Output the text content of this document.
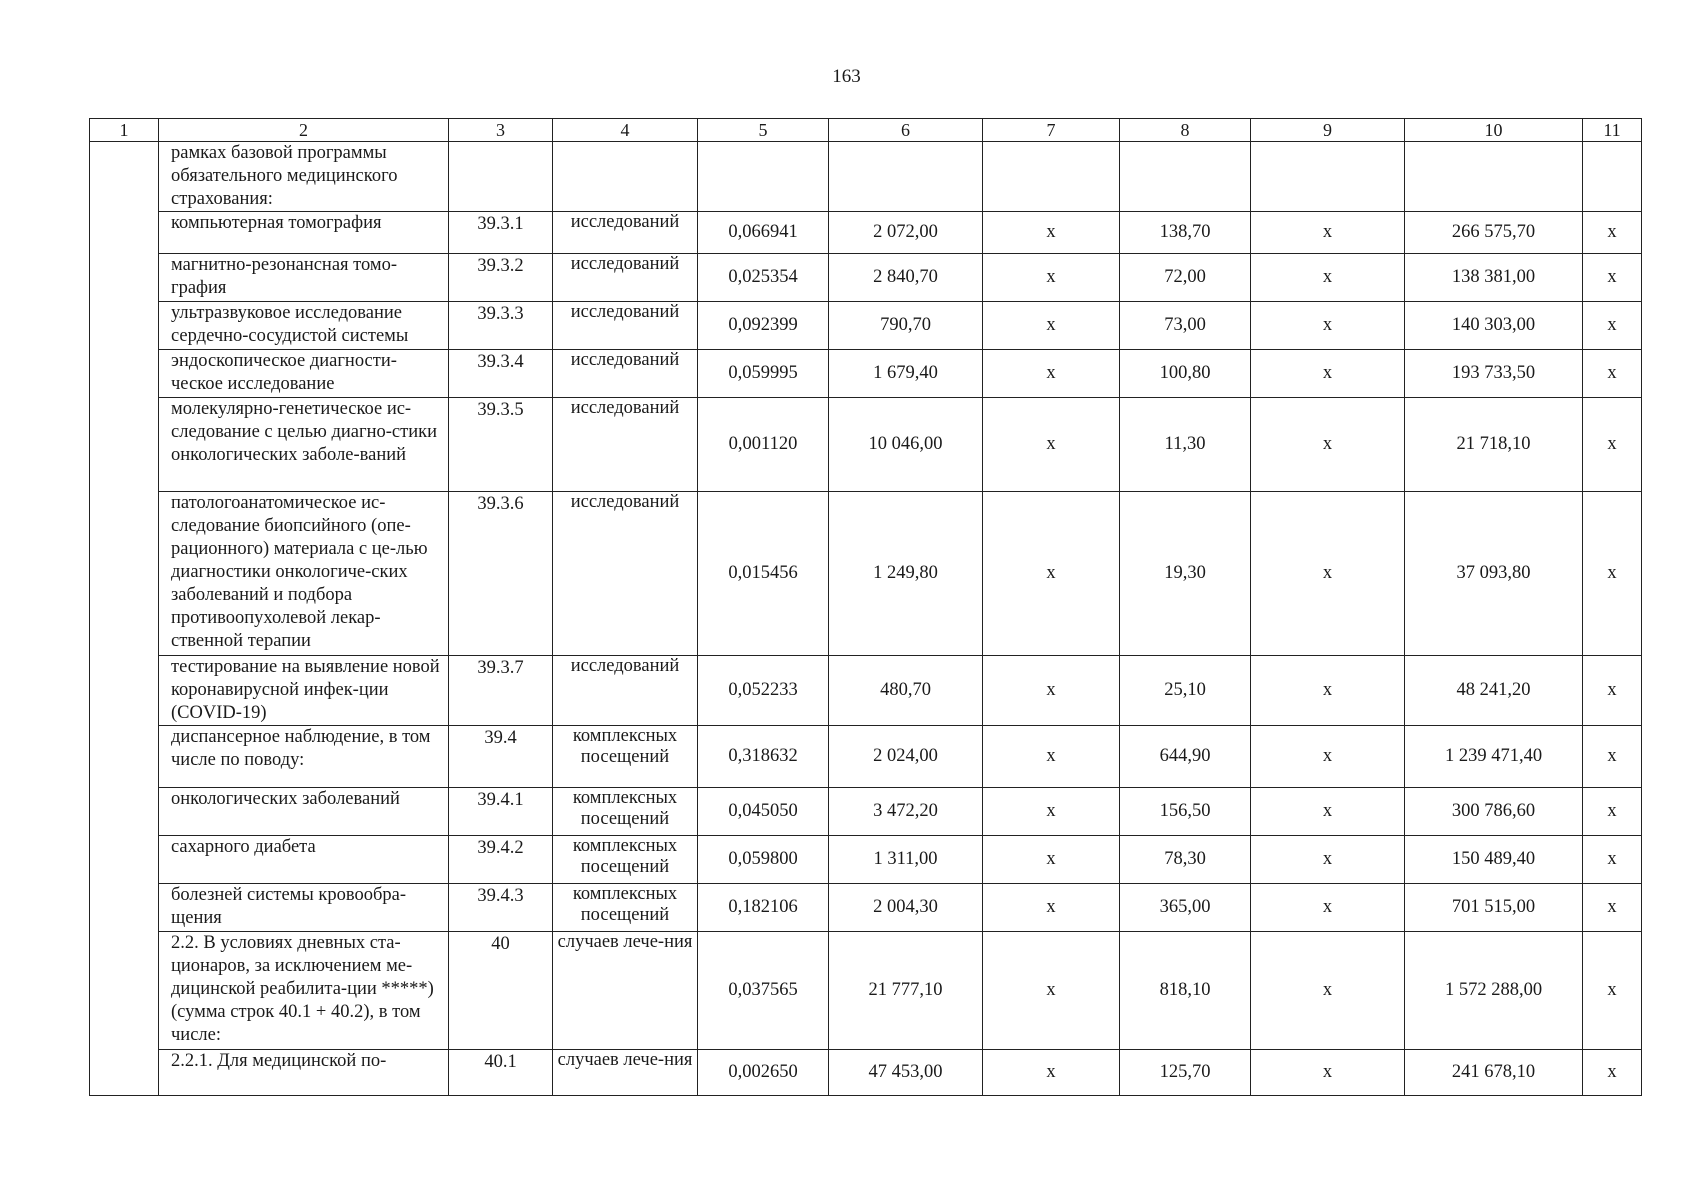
163
1	2	3	4	5	6	7	8	9	10	11
	рамках базовой программы обязательного медицинского страхования:									
	компьютерная томография	39.3.1	исследований	0,066941	2 072,00	х	138,70	х	266 575,70	х
	магнитно-резонансная томо-графия	39.3.2	исследований	0,025354	2 840,70	х	72,00	х	138 381,00	х
	ультразвуковое исследование сердечно-сосудистой системы	39.3.3	исследований	0,092399	790,70	х	73,00	х	140 303,00	х
	эндоскопическое диагности-ческое исследование	39.3.4	исследований	0,059995	1 679,40	х	100,80	х	193 733,50	х
	молекулярно-генетическое ис-следование с целью диагно-стики онкологических заболе-ваний	39.3.5	исследований	0,001120	10 046,00	х	11,30	х	21 718,10	х
	патологоанатомическое ис-следование биопсийного (опе-рационного) материала с це-лью диагностики онкологиче-ских заболеваний и подбора противоопухолевой лекар-ственной терапии	39.3.6	исследований	0,015456	1 249,80	х	19,30	х	37 093,80	х
	тестирование на выявление новой коронавирусной инфек-ции (COVID-19)	39.3.7	исследований	0,052233	480,70	х	25,10	х	48 241,20	х
	диспансерное наблюдение, в том числе по поводу:	39.4	комплексных посещений	0,318632	2 024,00	х	644,90	х	1 239 471,40	х
	онкологических заболеваний	39.4.1	комплексных посещений	0,045050	3 472,20	х	156,50	х	300 786,60	х
	сахарного диабета	39.4.2	комплексных посещений	0,059800	1 311,00	х	78,30	х	150 489,40	х
	болезней системы кровообра-щения	39.4.3	комплексных посещений	0,182106	2 004,30	х	365,00	х	701 515,00	х
	2.2. В условиях дневных ста-ционаров, за исключением ме-дицинской реабилита-ции *****) (сумма строк 40.1 + 40.2), в том числе:	40	случаев лече-ния	0,037565	21 777,10	х	818,10	х	1 572 288,00	х
	2.2.1. Для медицинской по-	40.1	случаев лече-ния	0,002650	47 453,00	х	125,70	х	241 678,10	х
